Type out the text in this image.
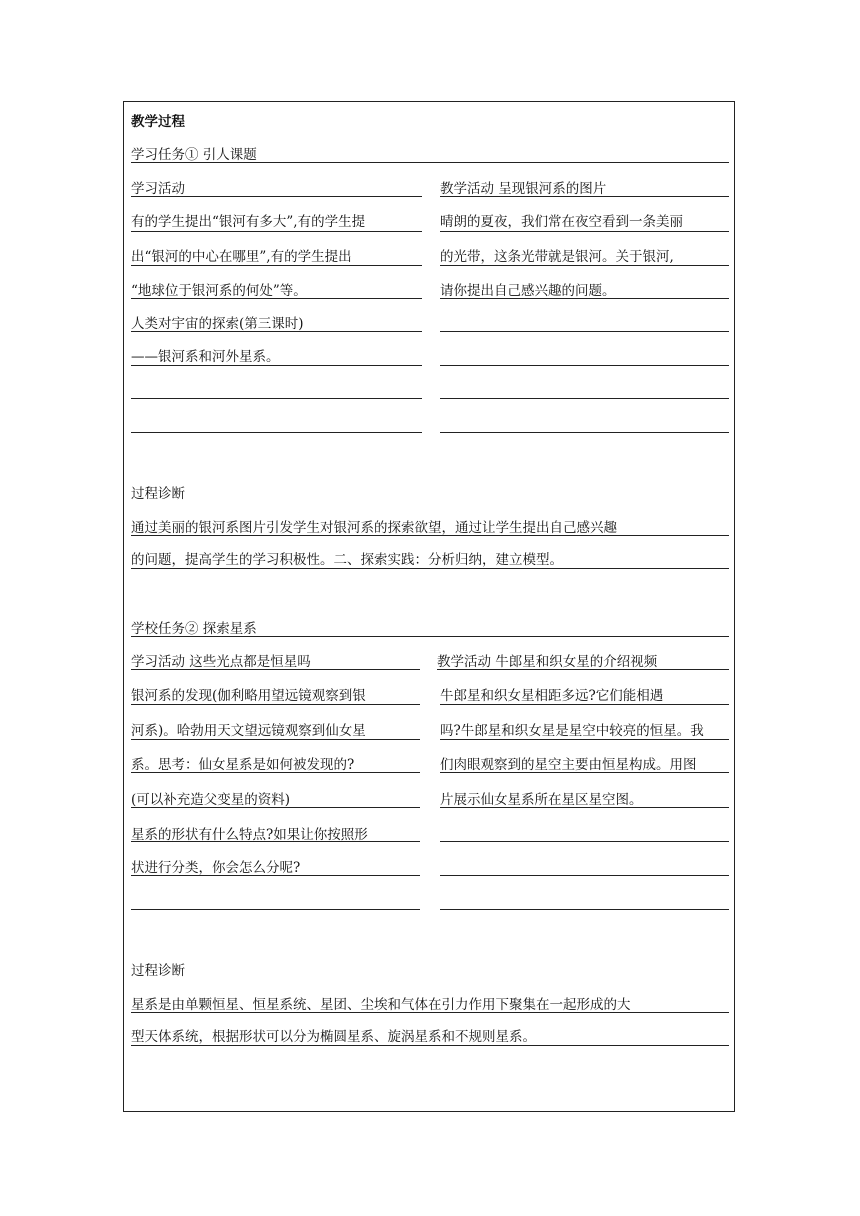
教学过程
学习任务① 引人课题
学习活动
有的学生提出“银河有多大”,有的学生提
出“银河的中心在哪里”,有的学生提出
“地球位于银河系的何处”等。
人类对宇宙的探索(第三课时)
——银河系和河外星系。
教学活动 呈现银河系的图片
晴朗的夏夜，我们常在夜空看到一条美丽
的光带，这条光带就是银河。关于银河,
请你提出自己感兴趣的问题。
过程诊断
通过美丽的银河系图片引发学生对银河系的探索欲望，通过让学生提出自己感兴趣
的问题，提高学生的学习积极性。二、探索实践：分析归纳，建立模型。
学校任务② 探索星系
学习活动 这些光点都是恒星吗
银河系的发现(伽利略用望远镜观察到银
河系)。哈勃用天文望远镜观察到仙女星
系。思考：仙女星系是如何被发现的?
(可以补充造父变星的资料)
星系的形状有什么特点?如果让你按照形
状进行分类，你会怎么分呢?
教学活动 牛郎星和织女星的介绍视频
牛郎星和织女星相距多远?它们能相遇
吗?牛郎星和织女星是星空中较亮的恒星。我
们肉眼观察到的星空主要由恒星构成。用图
片展示仙女星系所在星区星空图。
过程诊断
星系是由单颗恒星、恒星系统、星团、尘埃和气体在引力作用下聚集在一起形成的大
型天体系统，根据形状可以分为椭圆星系、旋涡星系和不规则星系。
